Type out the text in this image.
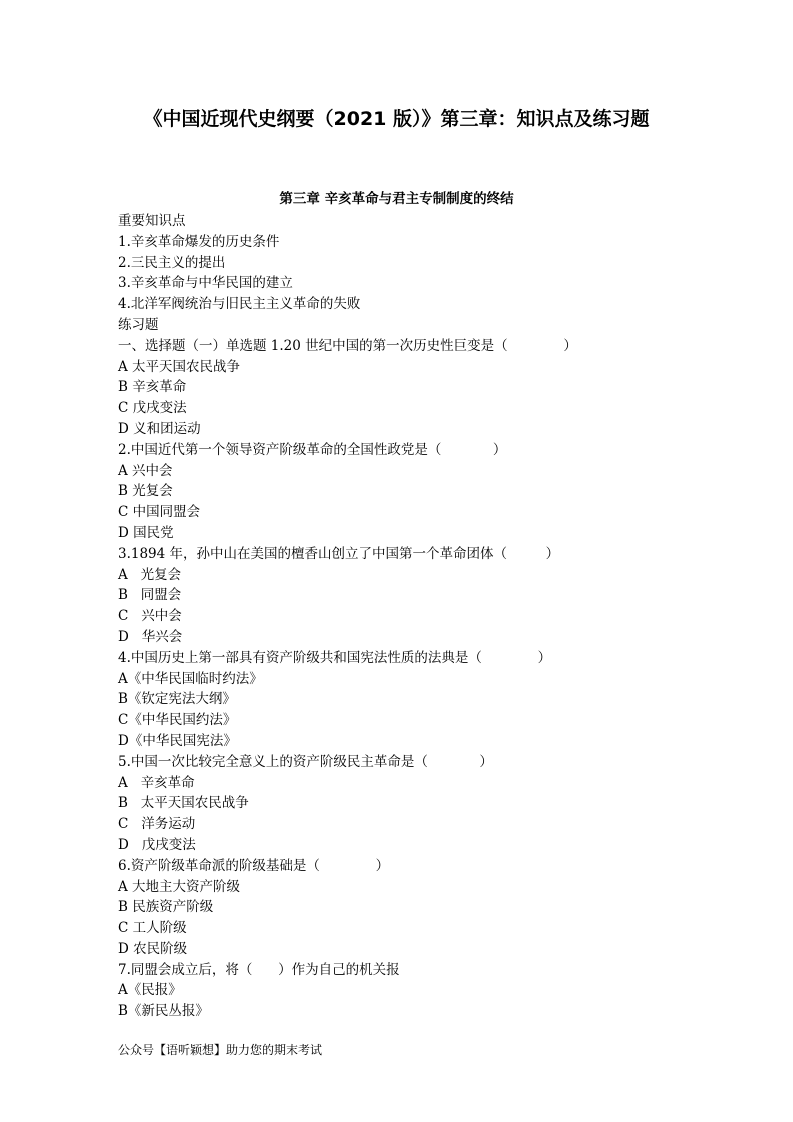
《中国近现代史纲要（2021 版）》第三章：知识点及练习题
第三章 辛亥革命与君主专制制度的终结
重要知识点
1.辛亥革命爆发的历史条件
2.三民主义的提出
3.辛亥革命与中华民国的建立
4.北洋军阀统治与旧民主主义革命的失败
练习题
一、选择题（一）单选题 1.20 世纪中国的第一次历史性巨变是（             ）
A 太平天国农民战争
B 辛亥革命
C 戊戌变法
D 义和团运动
2.中国近代第一个领导资产阶级革命的全国性政党是（            ）
A 兴中会
B 光复会
C 中国同盟会
D 国民党
3.1894 年，孙中山在美国的檀香山创立了中国第一个革命团体（         ）
A   光复会
B   同盟会
C   兴中会
D   华兴会
4.中国历史上第一部具有资产阶级共和国宪法性质的法典是（             ）
A《中华民国临时约法》
B《钦定宪法大纲》
C《中华民国约法》
D《中华民国宪法》
5.中国一次比较完全意义上的资产阶级民主革命是（            ）
A   辛亥革命
B   太平天国农民战争
C   洋务运动
D   戊戌变法
6.资产阶级革命派的阶级基础是（             ）
A 大地主大资产阶级
B 民族资产阶级
C 工人阶级
D 农民阶级
7.同盟会成立后，将（      ）作为自己的机关报
A《民报》
B《新民丛报》
公众号【语听颖想】助力您的期末考试
